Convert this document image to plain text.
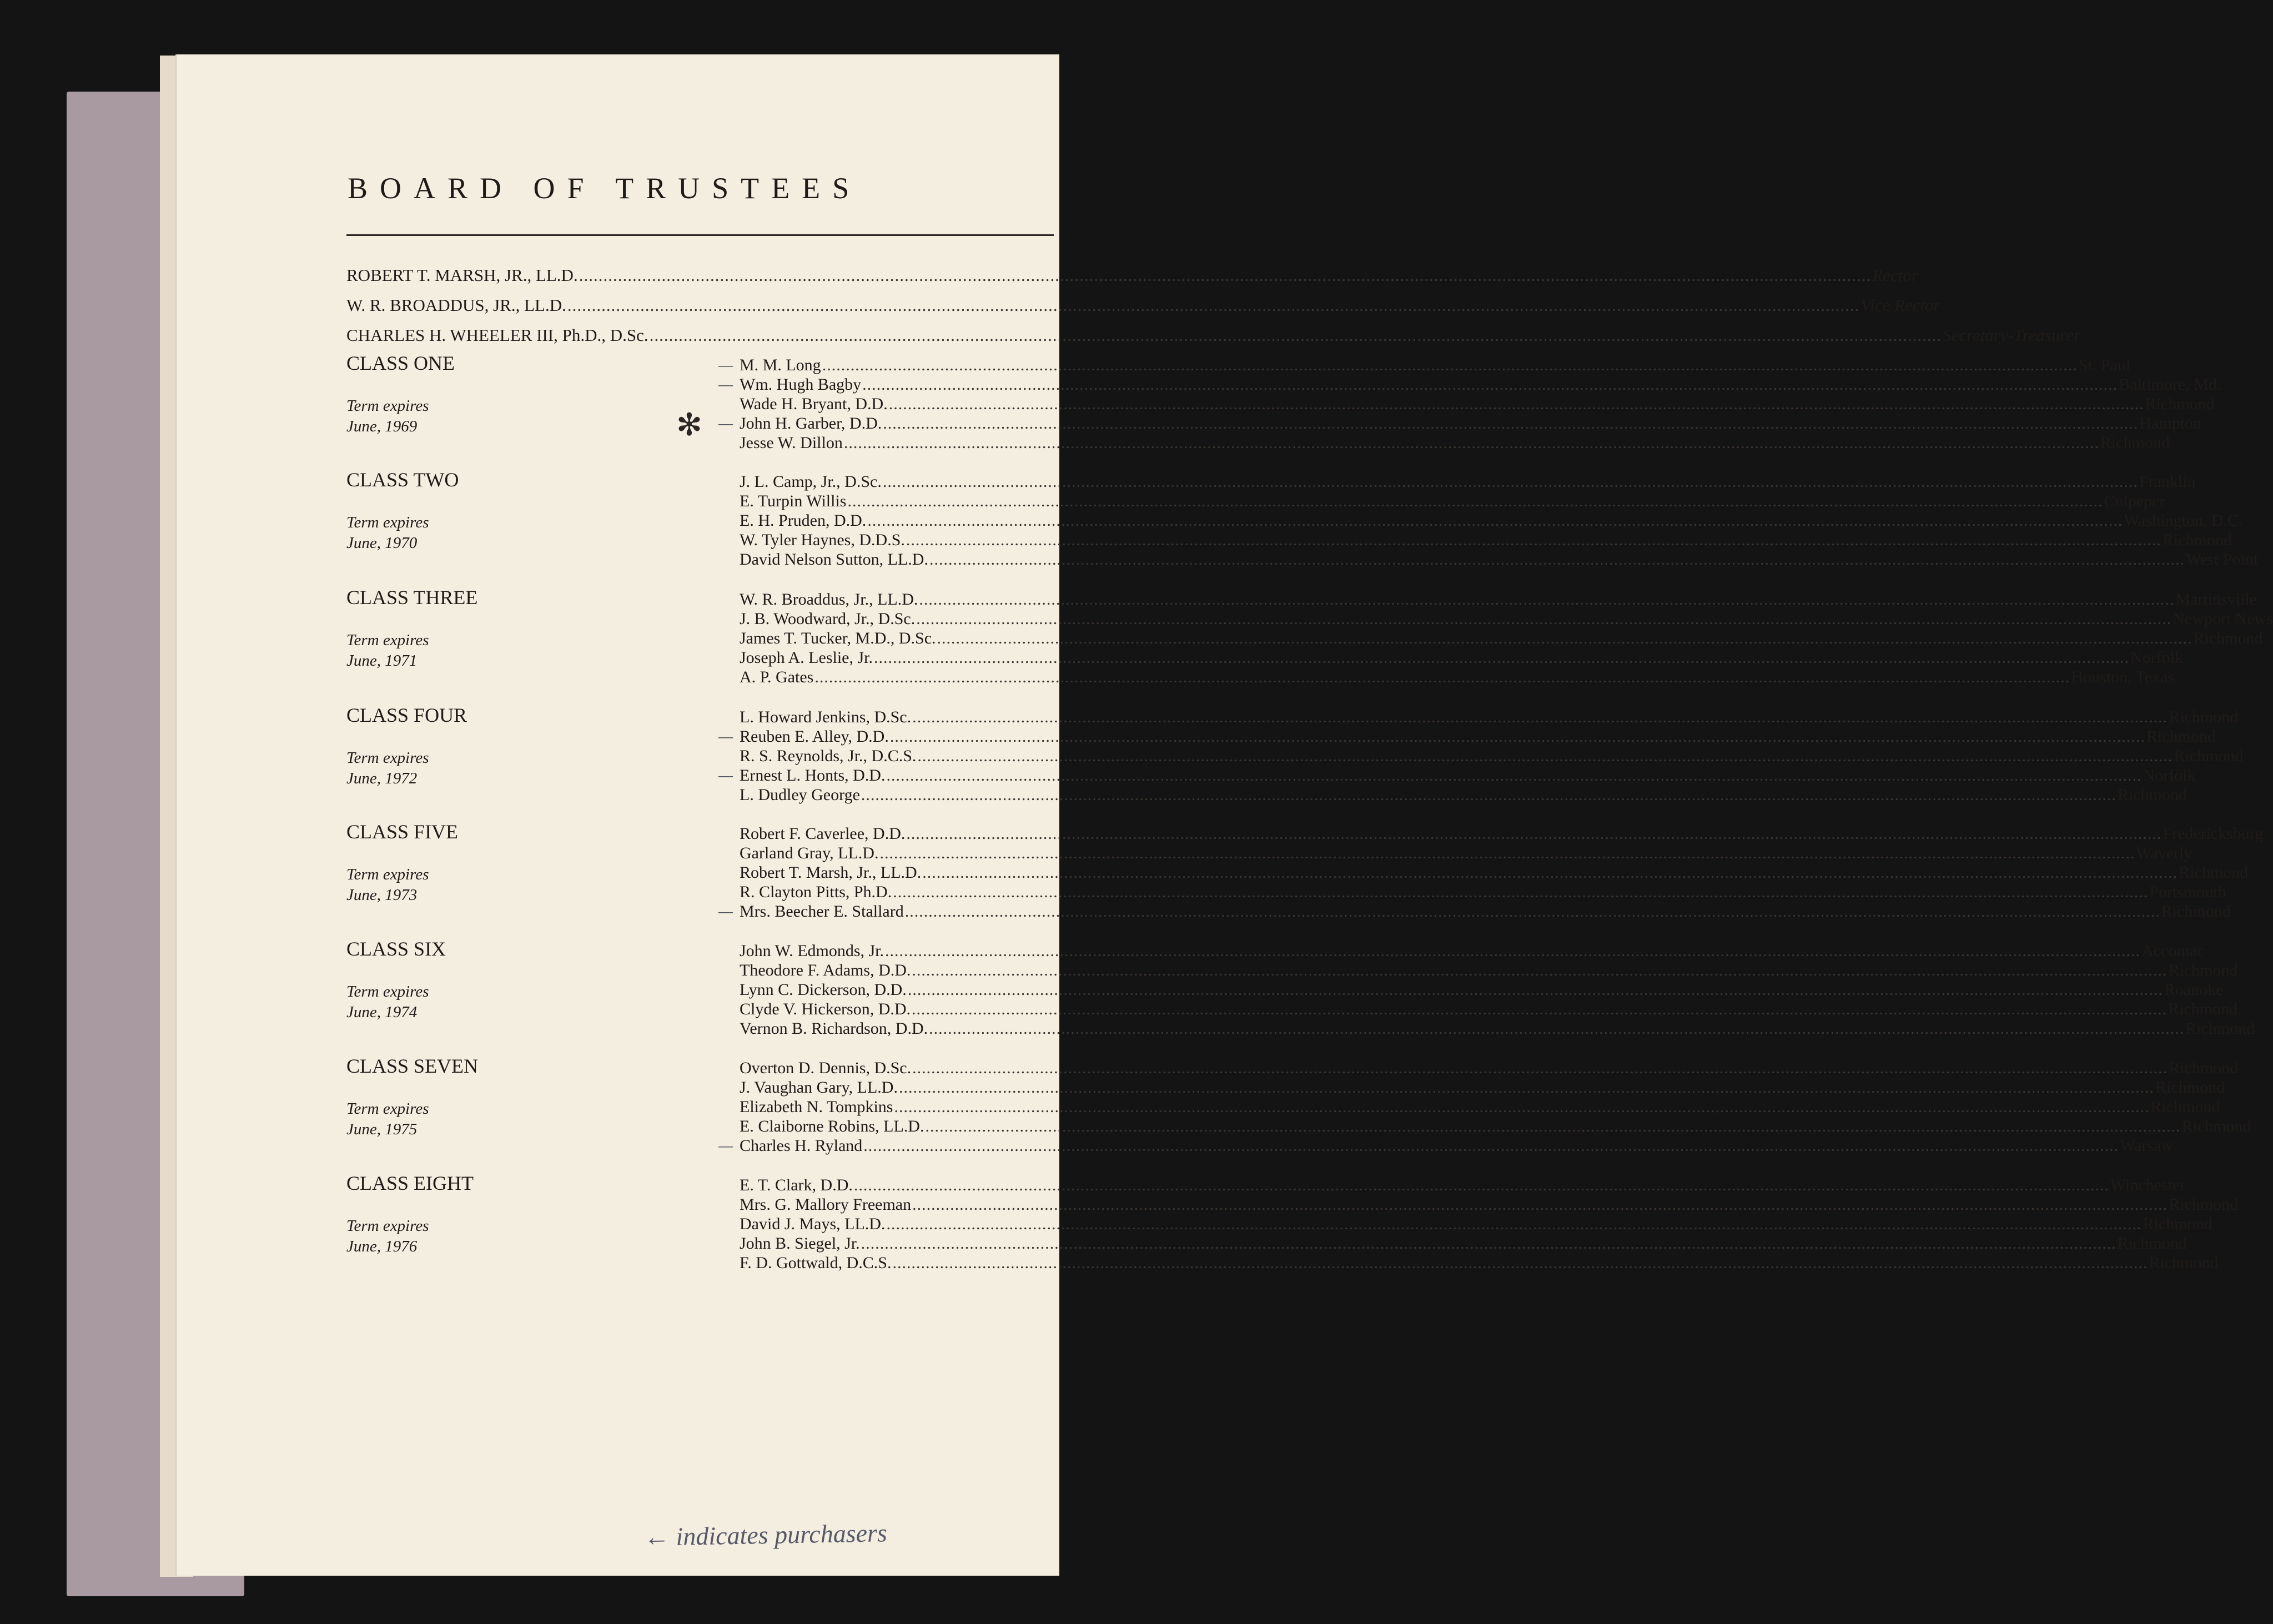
BOARD OF TRUSTEES
ROBERT T. MARSH, JR., LL.D. .....	Rector
W. R. BROADDUS, JR., LL.D. .....	Vice Rector
CHARLES H. WHEELER III, Ph.D., D.Sc. .....	Secretary-Treasurer
✻
CLASS ONE
Term expires
June, 1969
— M. M. Long .....	St. Paul
— Wm. Hugh Bagby .....	Baltimore, Md.
Wade H. Bryant, D.D. .....	Richmond
— John H. Garber, D.D. .....	Hampton
Jesse W. Dillon .....	Richmond
CLASS TWO
Term expires
June, 1970
J. L. Camp, Jr., D.Sc. .....	Franklin
E. Turpin Willis .....	Culpeper
E. H. Pruden, D.D. .....	Washington, D.C.
W. Tyler Haynes, D.D.S. .....	Richmond
David Nelson Sutton, LL.D. .....	West Point
CLASS THREE
Term expires
June, 1971
W. R. Broaddus, Jr., LL.D. .....	Martinsville
J. B. Woodward, Jr., D.Sc. .....	Newport News
James T. Tucker, M.D., D.Sc. .....	Richmond
Joseph A. Leslie, Jr. .....	Norfolk
A. P. Gates .....	Houston, Texas
CLASS FOUR
Term expires
June, 1972
L. Howard Jenkins, D.Sc. .....	Richmond
— Reuben E. Alley, D.D. .....	Richmond
R. S. Reynolds, Jr., D.C.S. .....	Richmond
— Ernest L. Honts, D.D. .....	Norfolk
L. Dudley George .....	Richmond
CLASS FIVE
Term expires
June, 1973
Robert F. Caverlee, D.D. .....	Fredericksburg
Garland Gray, LL.D. .....	Waverly
Robert T. Marsh, Jr., LL.D. .....	Richmond
R. Clayton Pitts, Ph.D. .....	Portsmouth
— Mrs. Beecher E. Stallard .....	Richmond
CLASS SIX
Term expires
June, 1974
John W. Edmonds, Jr. .....	Accomac
Theodore F. Adams, D.D. .....	Richmond
Lynn C. Dickerson, D.D. .....	Roanoke
Clyde V. Hickerson, D.D. .....	Richmond
Vernon B. Richardson, D.D. .....	Richmond
CLASS SEVEN
Term expires
June, 1975
Overton D. Dennis, D.Sc. .....	Richmond
J. Vaughan Gary, LL.D. .....	Richmond
Elizabeth N. Tompkins .....	Richmond
E. Claiborne Robins, LL.D. .....	Richmond
— Charles H. Ryland .....	Warsaw
CLASS EIGHT
Term expires
June, 1976
E. T. Clark, D.D. .....	Winchester
Mrs. G. Mallory Freeman .....	Richmond
David J. Mays, LL.D. .....	Richmond
John B. Siegel, Jr. .....	Richmond
F. D. Gottwald, D.C.S. .....	Richmond
← indicates purchasers
